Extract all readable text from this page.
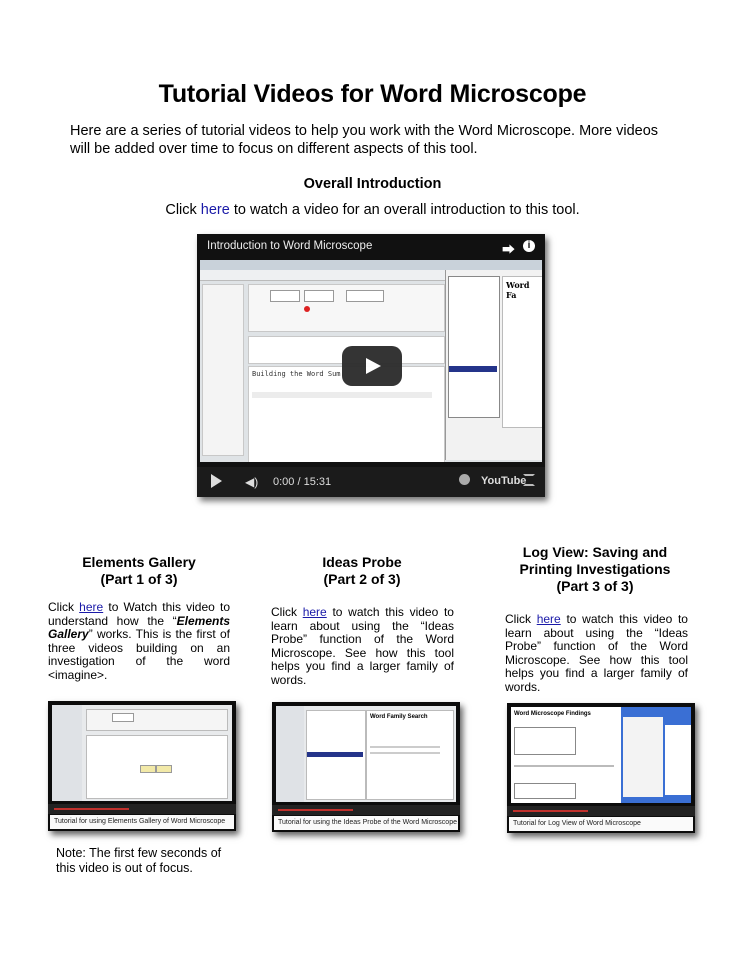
Tutorial Videos for Word Microscope
Here are a series of tutorial videos to help you work with the Word Microscope. More videos will be added over time to focus on different aspects of this tool.
Overall Introduction
Click here to watch a video for an overall introduction to this tool.
Introduction to Word Microscope	⮕	i
Building the Word Sum
Word Fa
◀) 0:00 / 15:31	YouTube
Elements Gallery
(Part 1 of 3)
Click here to Watch this video to understand how the “Elements Gallery” works. This is the first of three videos building on an investigation of the word <imagine>.
Tutorial for using Elements Gallery of Word Microscope
Note: The first few seconds of this video is out of focus.
Ideas Probe
(Part 2 of 3)
Click here to watch this video to learn about using the “Ideas Probe” function of the Word Microscope. See how this tool helps you find a larger family of words.
Word Family Search
Tutorial for using the Ideas Probe of the Word Microscope
Log View: Saving and
Printing Investigations
(Part 3 of 3)
Click here to watch this video to learn about using the “Ideas Probe” function of the Word Microscope. See how this tool helps you find a larger family of words.
Word Microscope Findings
Tutorial for Log View of Word Microscope
